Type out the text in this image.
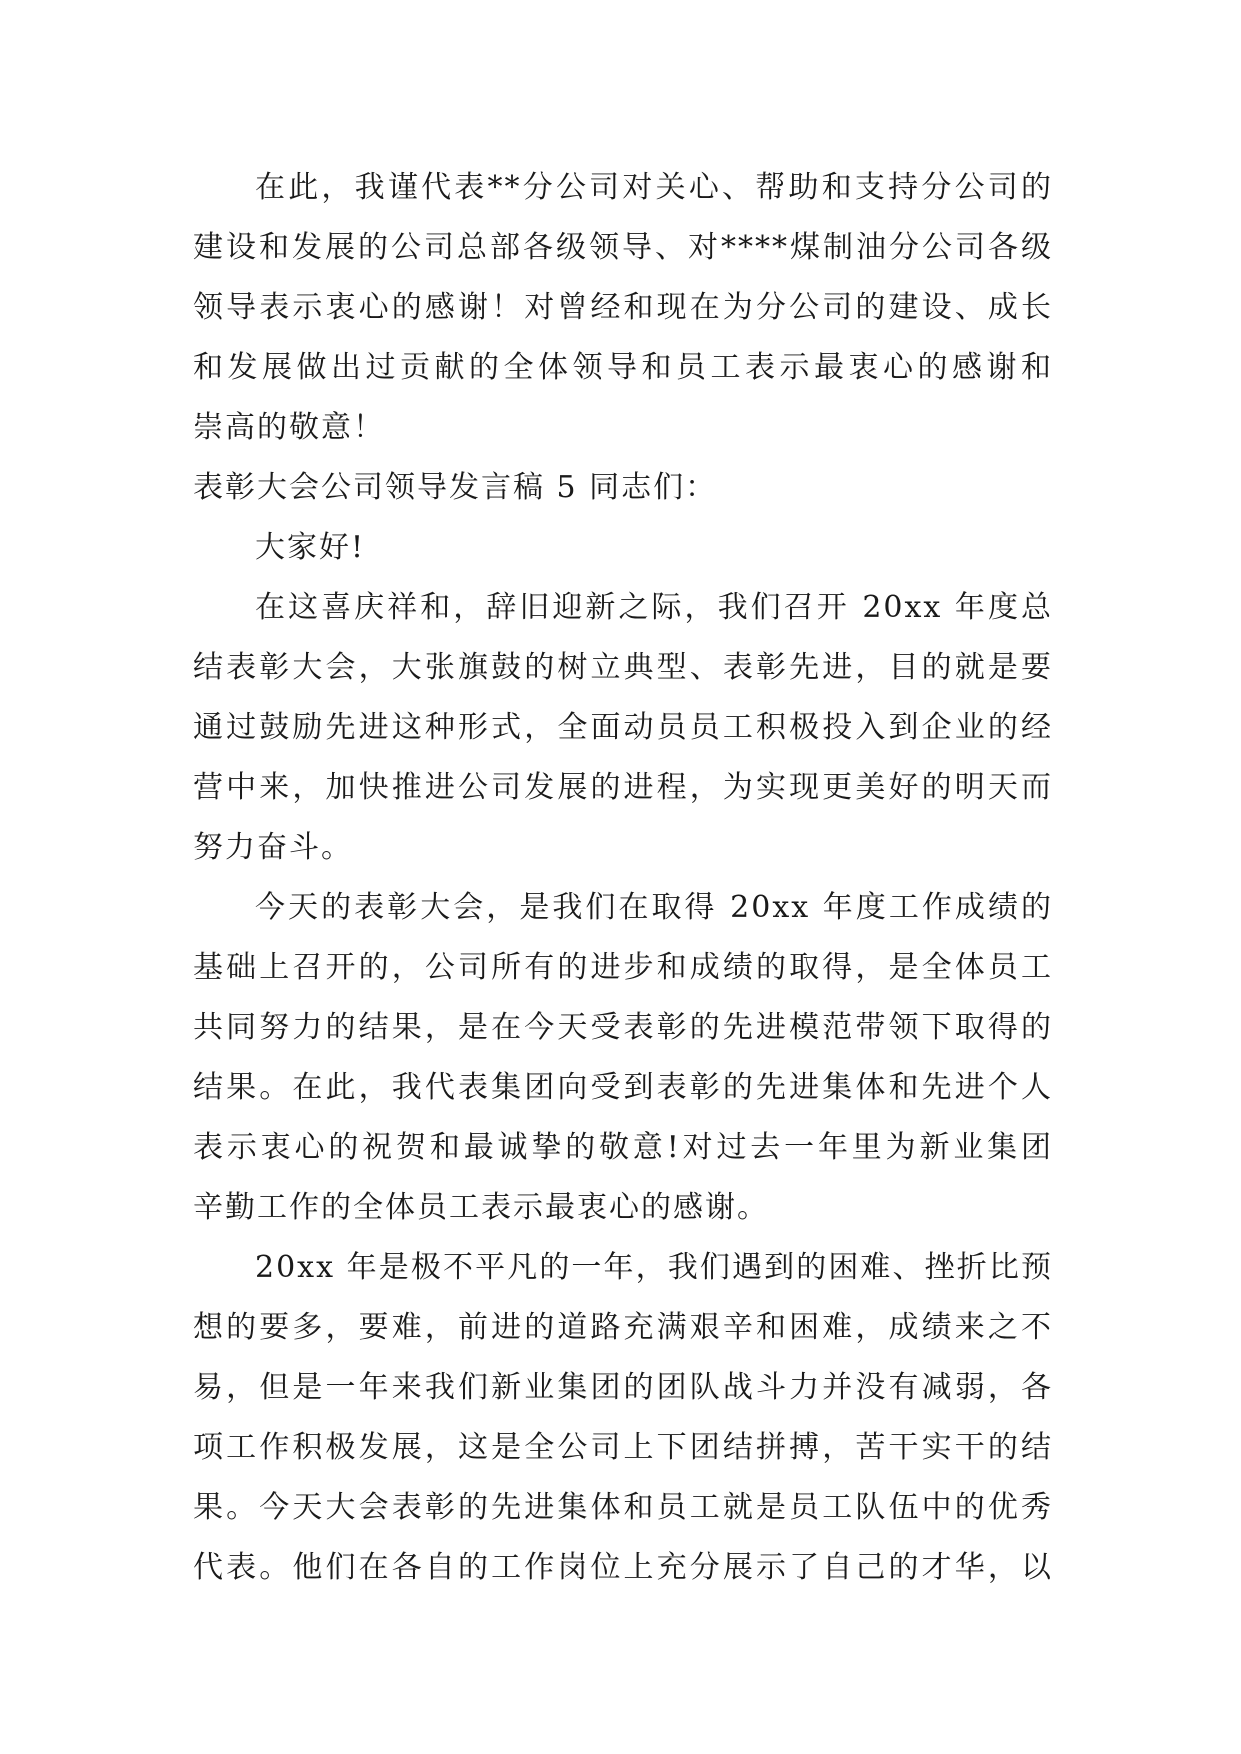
在此，我谨代表**分公司对关心、帮助和支持分公司的
建设和发展的公司总部各级领导、对****煤制油分公司各级
领导表示衷心的感谢！对曾经和现在为分公司的建设、成长
和发展做出过贡献的全体领导和员工表示最衷心的感谢和
崇高的敬意！
表彰大会公司领导发言稿 5 同志们：
大家好!
在这喜庆祥和，辞旧迎新之际，我们召开 20xx 年度总
结表彰大会，大张旗鼓的树立典型、表彰先进，目的就是要
通过鼓励先进这种形式，全面动员员工积极投入到企业的经
营中来，加快推进公司发展的进程，为实现更美好的明天而
努力奋斗。
今天的表彰大会，是我们在取得 20xx 年度工作成绩的
基础上召开的，公司所有的进步和成绩的取得，是全体员工
共同努力的结果，是在今天受表彰的先进模范带领下取得的
结果。在此，我代表集团向受到表彰的先进集体和先进个人
表示衷心的祝贺和最诚挚的敬意!对过去一年里为新业集团
辛勤工作的全体员工表示最衷心的感谢。
20xx 年是极不平凡的一年，我们遇到的困难、挫折比预
想的要多，要难，前进的道路充满艰辛和困难，成绩来之不
易，但是一年来我们新业集团的团队战斗力并没有减弱，各
项工作积极发展，这是全公司上下团结拼搏，苦干实干的结
果。今天大会表彰的先进集体和员工就是员工队伍中的优秀
代表。他们在各自的工作岗位上充分展示了自己的才华，以
